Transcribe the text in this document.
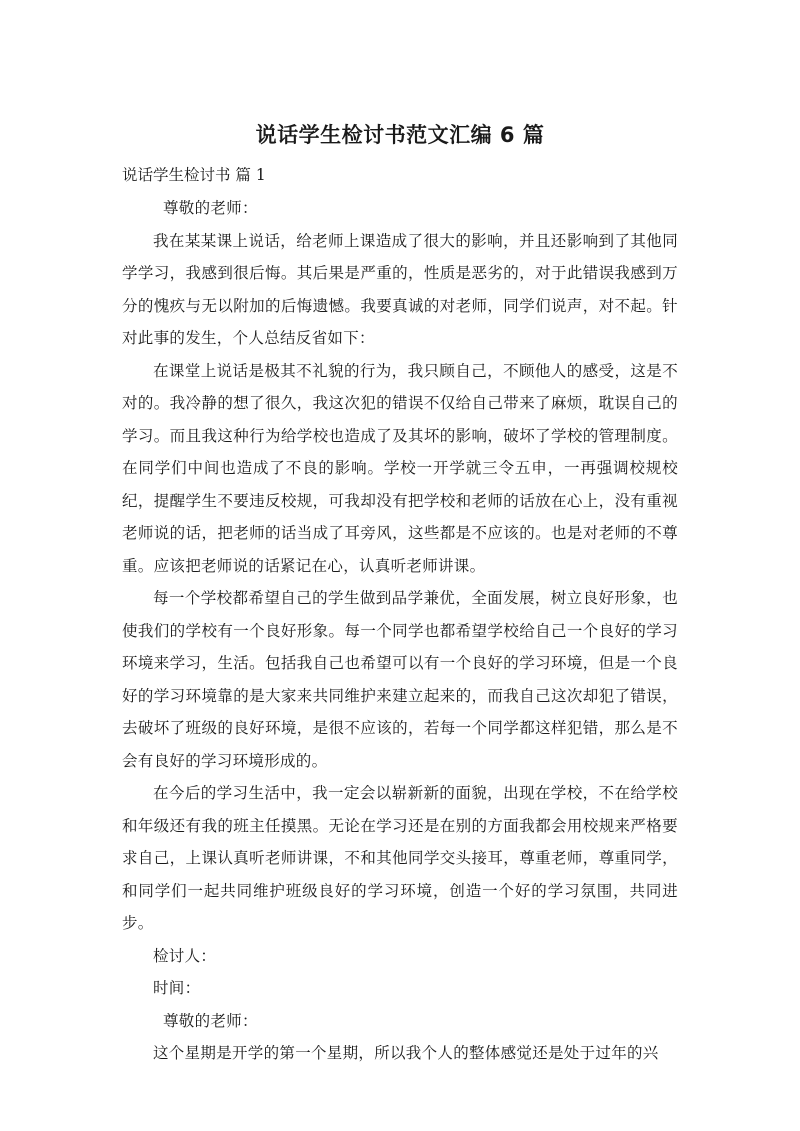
说话学生检讨书范文汇编 6 篇
说话学生检讨书 篇 1

尊敬的老师：

我在某某课上说话，给老师上课造成了很大的影响，并且还影响到了其他同学学习，我感到很后悔。其后果是严重的，性质是恶劣的，对于此错误我感到万分的愧疚与无以附加的后悔遗憾。我要真诚的对老师，同学们说声，对不起。针对此事的发生，个人总结反省如下：

在课堂上说话是极其不礼貌的行为，我只顾自己，不顾他人的感受，这是不对的。我冷静的想了很久，我这次犯的错误不仅给自己带来了麻烦，耽误自己的学习。而且我这种行为给学校也造成了及其坏的影响，破坏了学校的管理制度。在同学们中间也造成了不良的影响。学校一开学就三令五申，一再强调校规校纪，提醒学生不要违反校规，可我却没有把学校和老师的话放在心上，没有重视老师说的话，把老师的话当成了耳旁风，这些都是不应该的。也是对老师的不尊重。应该把老师说的话紧记在心，认真听老师讲课。

每一个学校都希望自己的学生做到品学兼优，全面发展，树立良好形象，也使我们的学校有一个良好形象。每一个同学也都希望学校给自己一个良好的学习环境来学习，生活。包括我自己也希望可以有一个良好的学习环境，但是一个良好的学习环境靠的是大家来共同维护来建立起来的，而我自己这次却犯了错误，去破坏了班级的良好环境，是很不应该的，若每一个同学都这样犯错，那么是不会有良好的学习环境形成的。

在今后的学习生活中，我一定会以崭新新的面貌，出现在学校，不在给学校和年级还有我的班主任摸黑。无论在学习还是在别的方面我都会用校规来严格要求自己，上课认真听老师讲课，不和其他同学交头接耳，尊重老师，尊重同学，和同学们一起共同维护班级良好的学习环境，创造一个好的学习氛围，共同进步。

检讨人：

时间：

尊敬的老师：

这个星期是开学的第一个星期，所以我个人的整体感觉还是处于过年的兴
